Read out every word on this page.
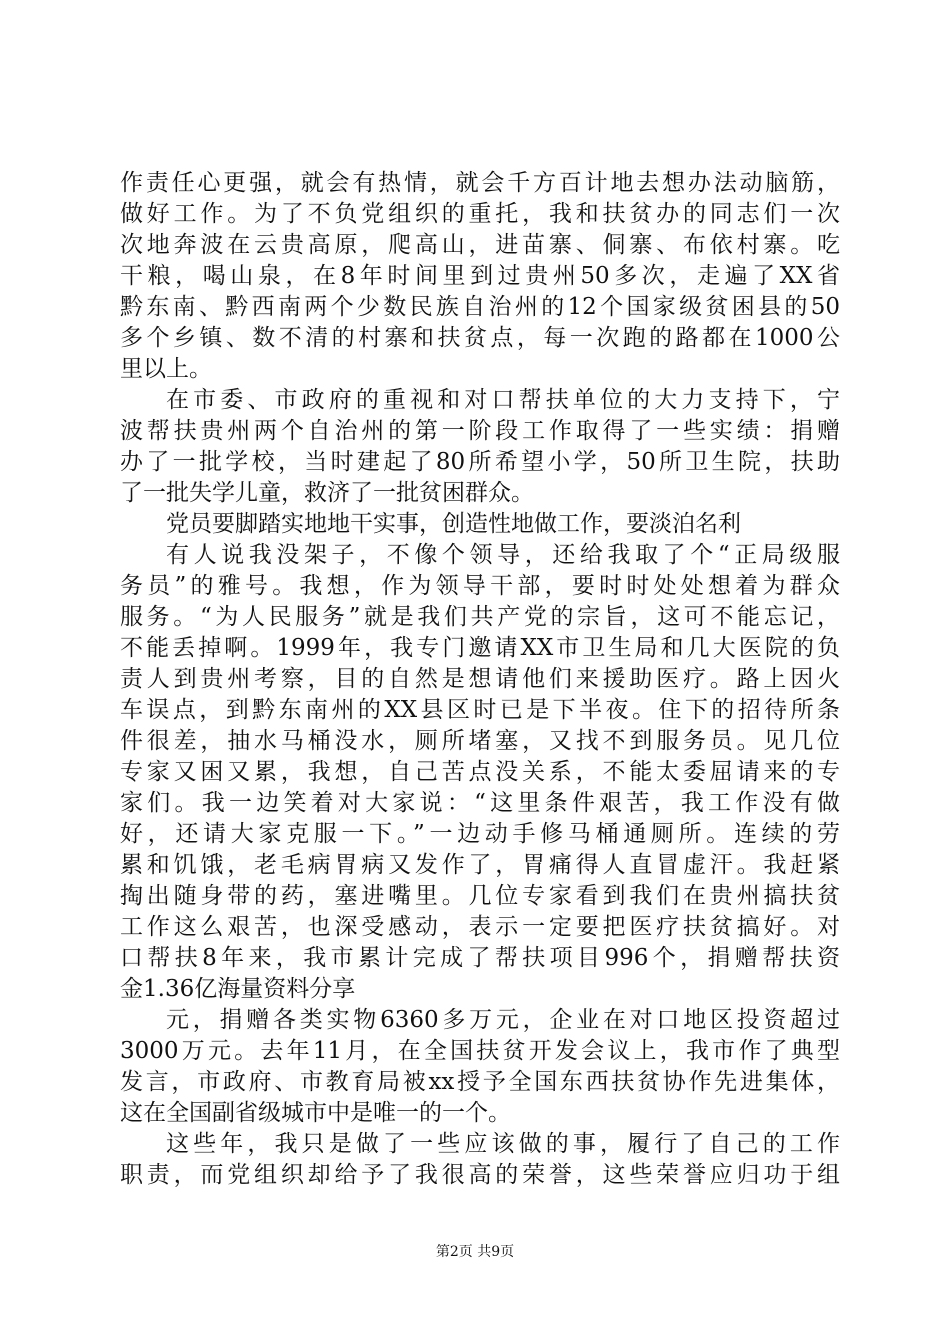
作责任心更强，就会有热情，就会千方百计地去想办法动脑筋，
做好工作。为了不负党组织的重托，我和扶贫办的同志们一次
次地奔波在云贵高原，爬高山，进苗寨、侗寨、布依村寨。吃
干粮，喝山泉，在8年时间里到过贵州50多次，走遍了XX省
黔东南、黔西南两个少数民族自治州的12个国家级贫困县的50
多个乡镇、数不清的村寨和扶贫点，每一次跑的路都在1000公
里以上。
在市委、市政府的重视和对口帮扶单位的大力支持下，宁
波帮扶贵州两个自治州的第一阶段工作取得了一些实绩：捐赠
办了一批学校，当时建起了80所希望小学，50所卫生院，扶助
了一批失学儿童，救济了一批贫困群众。
党员要脚踏实地地干实事，创造性地做工作，要淡泊名利
有人说我没架子，不像个领导，还给我取了个“正局级服
务员”的雅号。我想，作为领导干部，要时时处处想着为群众
服务。“为人民服务”就是我们共产党的宗旨，这可不能忘记，
不能丢掉啊。1999年，我专门邀请XX市卫生局和几大医院的负
责人到贵州考察，目的自然是想请他们来援助医疗。路上因火
车误点，到黔东南州的XX县区时已是下半夜。住下的招待所条
件很差，抽水马桶没水，厕所堵塞，又找不到服务员。见几位
专家又困又累，我想，自己苦点没关系，不能太委屈请来的专
家们。我一边笑着对大家说：“这里条件艰苦，我工作没有做
好，还请大家克服一下。”一边动手修马桶通厕所。连续的劳
累和饥饿，老毛病胃病又发作了，胃痛得人直冒虚汗。我赶紧
掏出随身带的药，塞进嘴里。几位专家看到我们在贵州搞扶贫
工作这么艰苦，也深受感动，表示一定要把医疗扶贫搞好。对
口帮扶8年来，我市累计完成了帮扶项目996个，捐赠帮扶资
金1.36亿海量资料分享
元，捐赠各类实物6360多万元，企业在对口地区投资超过
3000万元。去年11月，在全国扶贫开发会议上，我市作了典型
发言，市政府、市教育局被xx授予全国东西扶贫协作先进集体，
这在全国副省级城市中是唯一的一个。
这些年，我只是做了一些应该做的事，履行了自己的工作
职责，而党组织却给予了我很高的荣誉，这些荣誉应归功于组
第2页 共9页
